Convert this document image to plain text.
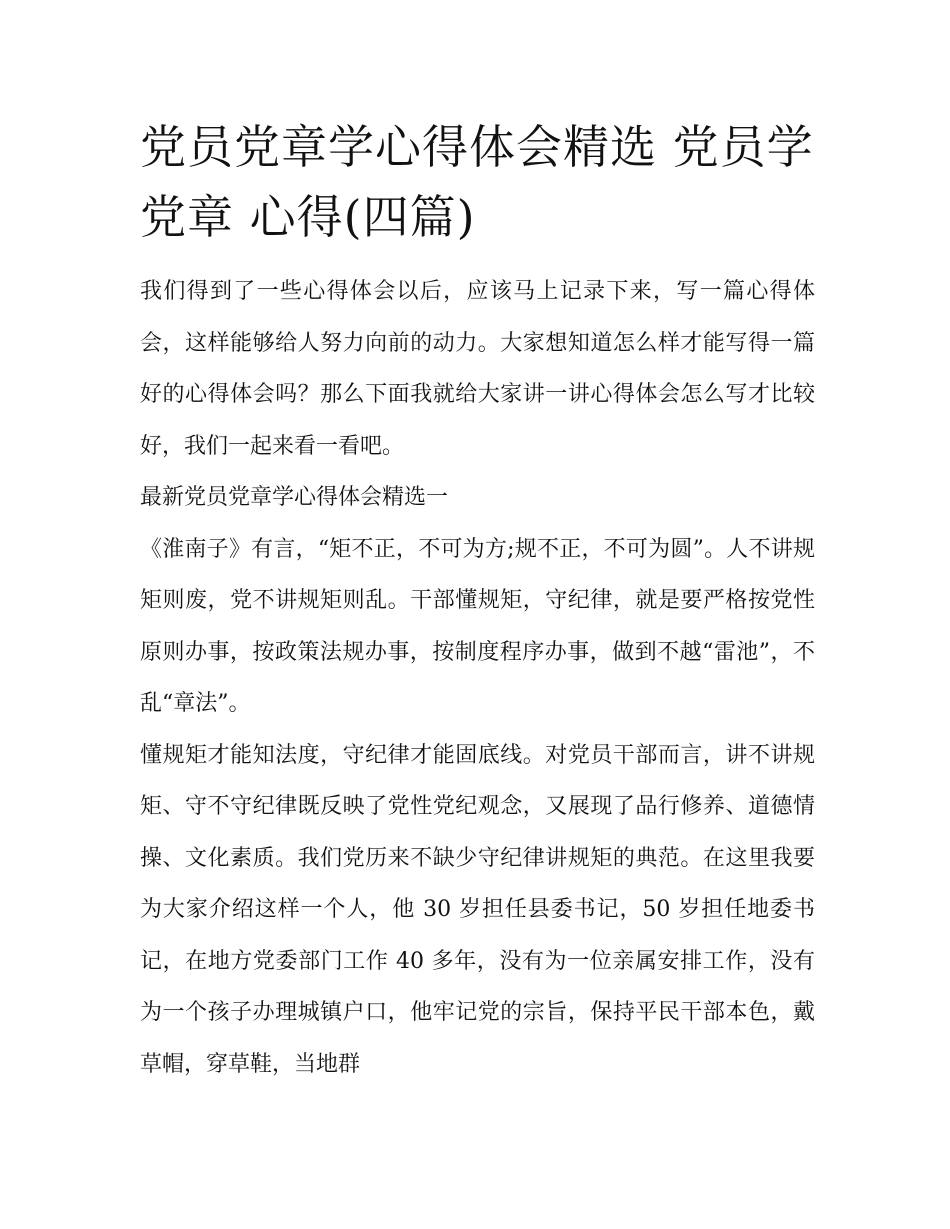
党员党章学心得体会精选 党员学党章 心得(四篇)

我们得到了一些心得体会以后，应该马上记录下来，写一篇心得体会，这样能够给人努力向前的动力。大家想知道怎么样才能写得一篇好的心得体会吗？那么下面我就给大家讲一讲心得体会怎么写才比较好，我们一起来看一看吧。

最新党员党章学心得体会精选一

《淮南子》有言，“矩不正，不可为方;规不正，不可为圆”。人不讲规矩则废，党不讲规矩则乱。干部懂规矩，守纪律，就是要严格按党性原则办事，按政策法规办事，按制度程序办事，做到不越“雷池”，不乱“章法”。

懂规矩才能知法度，守纪律才能固底线。对党员干部而言，讲不讲规矩、守不守纪律既反映了党性党纪观念，又展现了品行修养、道德情操、文化素质。我们党历来不缺少守纪律讲规矩的典范。在这里我要为大家介绍这样一个人，他 30 岁担任县委书记，50 岁担任地委书记，在地方党委部门工作 40 多年，没有为一位亲属安排工作，没有为一个孩子办理城镇户口，他牢记党的宗旨，保持平民干部本色，戴草帽，穿草鞋，当地群
